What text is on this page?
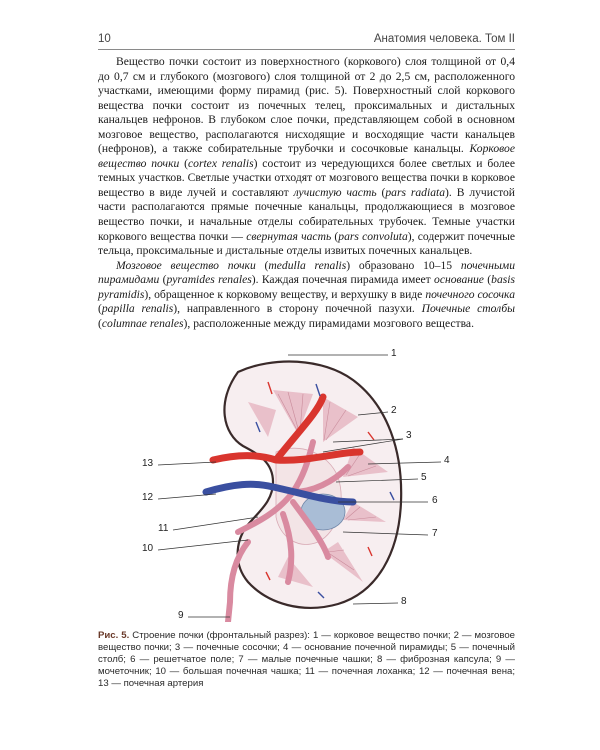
10	Анатомия человека. Том II

Вещество почки состоит из поверхностного (коркового) слоя толщиной от 0,4 до 0,7 см и глубокого (мозгового) слоя толщиной от 2 до 2,5 см, расположенного участками, имеющими форму пирамид (рис. 5). Поверхностный слой коркового вещества почки состоит из почечных телец, проксимальных и дистальных канальцев нефронов. В глубоком слое почки, представляющем собой в основном мозговое вещество, располагаются нисходящие и восходящие части канальцев (нефронов), а также собирательные трубочки и сосочковые канальцы. Корковое вещество почки (cortex renalis) состоит из чередующихся более светлых и более темных участков. Светлые участки отходят от мозгового вещества почки в корковое вещество в виде лучей и составляют лучистую часть (pars radiata). В лучистой части располагаются прямые почечные канальцы, продолжающиеся в мозговое вещество почки, и начальные отделы собирательных трубочек. Темные участки коркового вещества почки — свернутая часть (pars convoluta), содержит почечные тельца, проксимальные и дистальные отделы извитых почечных канальцев.

Мозговое вещество почки (medulla renalis) образовано 10–15 почечными пирамидами (pyramides renales). Каждая почечная пирамида имеет основание (basis pyramidis), обращенное к корковому веществу, и верхушку в виде почечного сосочка (papilla renalis), направленного в сторону почечной пазухи. Почечные столбы (columnae renales), расположенные между пирамидами мозгового вещества.

1
2
3
4
5
6
7
8
9
10
11
12
13
Рис. 5. Строение почки (фронтальный разрез): 1 — корковое вещество почки; 2 — мозговое вещество почки; 3 — почечные сосочки; 4 — основание почечной пирамиды; 5 — почечный столб; 6 — решетчатое поле; 7 — малые почечные чашки; 8 — фиброзная капсула; 9 — мочеточник; 10 — большая почечная чашка; 11 — почечная лоханка; 12 — почечная вена; 13 — почечная артерия
